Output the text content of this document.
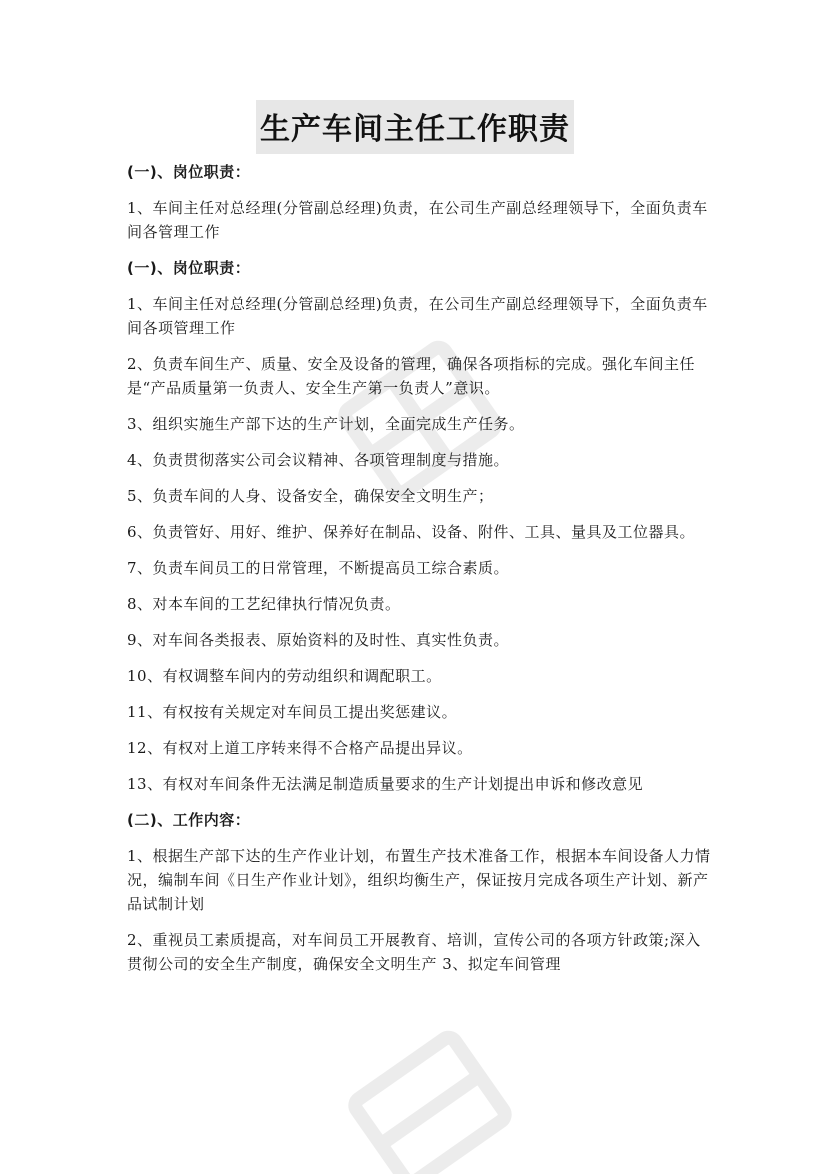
生产车间主任工作职责

(一)、岗位职责：

1、车间主任对总经理(分管副总经理)负责，在公司生产副总经理领导下，全面负责车间各管理工作

(一)、岗位职责：

1、车间主任对总经理(分管副总经理)负责，在公司生产副总经理领导下，全面负责车间各项管理工作

2、负责车间生产、质量、安全及设备的管理，确保各项指标的完成。强化车间主任是“产品质量第一负责人、安全生产第一负责人”意识。

3、组织实施生产部下达的生产计划，全面完成生产任务。

4、负责贯彻落实公司会议精神、各项管理制度与措施。

5、负责车间的人身、设备安全，确保安全文明生产；

6、负责管好、用好、维护、保养好在制品、设备、附件、工具、量具及工位器具。

7、负责车间员工的日常管理，不断提高员工综合素质。

8、对本车间的工艺纪律执行情况负责。

9、对车间各类报表、原始资料的及时性、真实性负责。

10、有权调整车间内的劳动组织和调配职工。

11、有权按有关规定对车间员工提出奖惩建议。

12、有权对上道工序转来得不合格产品提出异议。

13、有权对车间条件无法满足制造质量要求的生产计划提出申诉和修改意见

(二)、工作内容：

1、根据生产部下达的生产作业计划，布置生产技术准备工作，根据本车间设备人力情况，编制车间《日生产作业计划》，组织均衡生产，保证按月完成各项生产计划、新产品试制计划

2、重视员工素质提高，对车间员工开展教育、培训，宣传公司的各项方针政策;深入贯彻公司的安全生产制度，确保安全文明生产 3、拟定车间管理
